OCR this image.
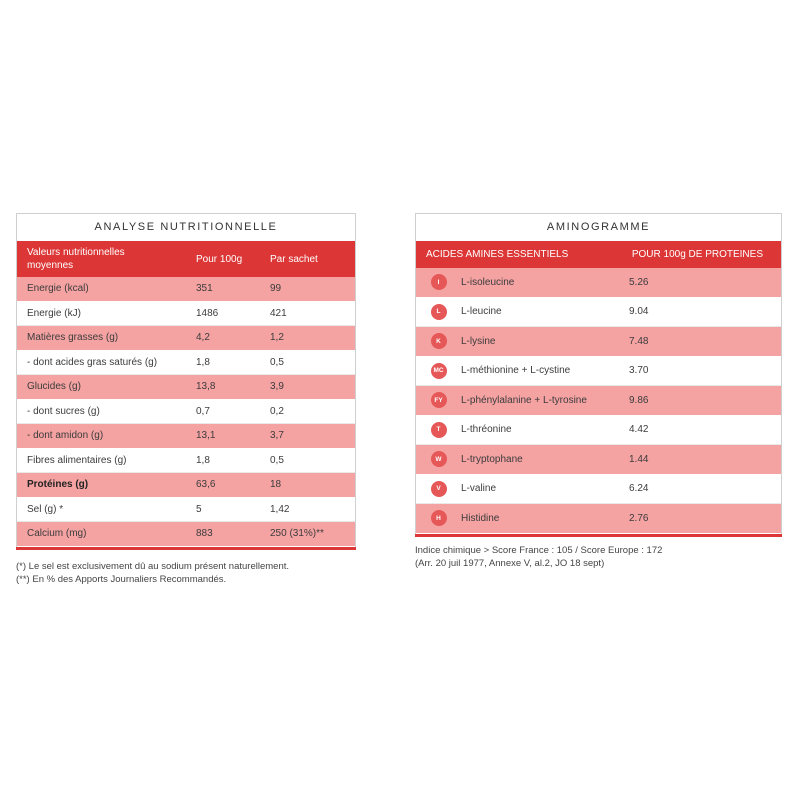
ANALYSE NUTRITIONNELLE
Valeurs nutritionnelles
moyennes
Pour 100g	Par sachet
Energie (kcal)	351	99
Energie (kJ)	1486	421
Matières grasses (g)	4,2	1,2
- dont acides gras saturés (g)	1,8	0,5
Glucides (g)	13,8	3,9
- dont sucres (g)	0,7	0,2
- dont amidon (g)	13,1	3,7
Fibres alimentaires (g)	1,8	0,5
Protéines (g)	63,6	18
Sel (g) *	5	1,42
Calcium (mg)	883	250 (31%)**
(*) Le sel est exclusivement dû au sodium présent naturellement.
(**) En % des Apports Journaliers Recommandés.
AMINOGRAMME
ACIDES AMINES ESSENTIELS	POUR 100g DE PROTEINES
I	L-isoleucine	5.26
L	L-leucine	9.04
K	L-lysine	7.48
MC L-méthionine + L-cystine	3.70
FY	L-phénylalanine + L-tyrosine	9.86
T	L-thréonine	4.42
W	L-tryptophane	1.44
V	L-valine	6.24
H	Histidine	2.76
Indice chimique > Score France : 105 / Score Europe : 172
(Arr. 20 juil 1977, Annexe V, al.2, JO 18 sept)
